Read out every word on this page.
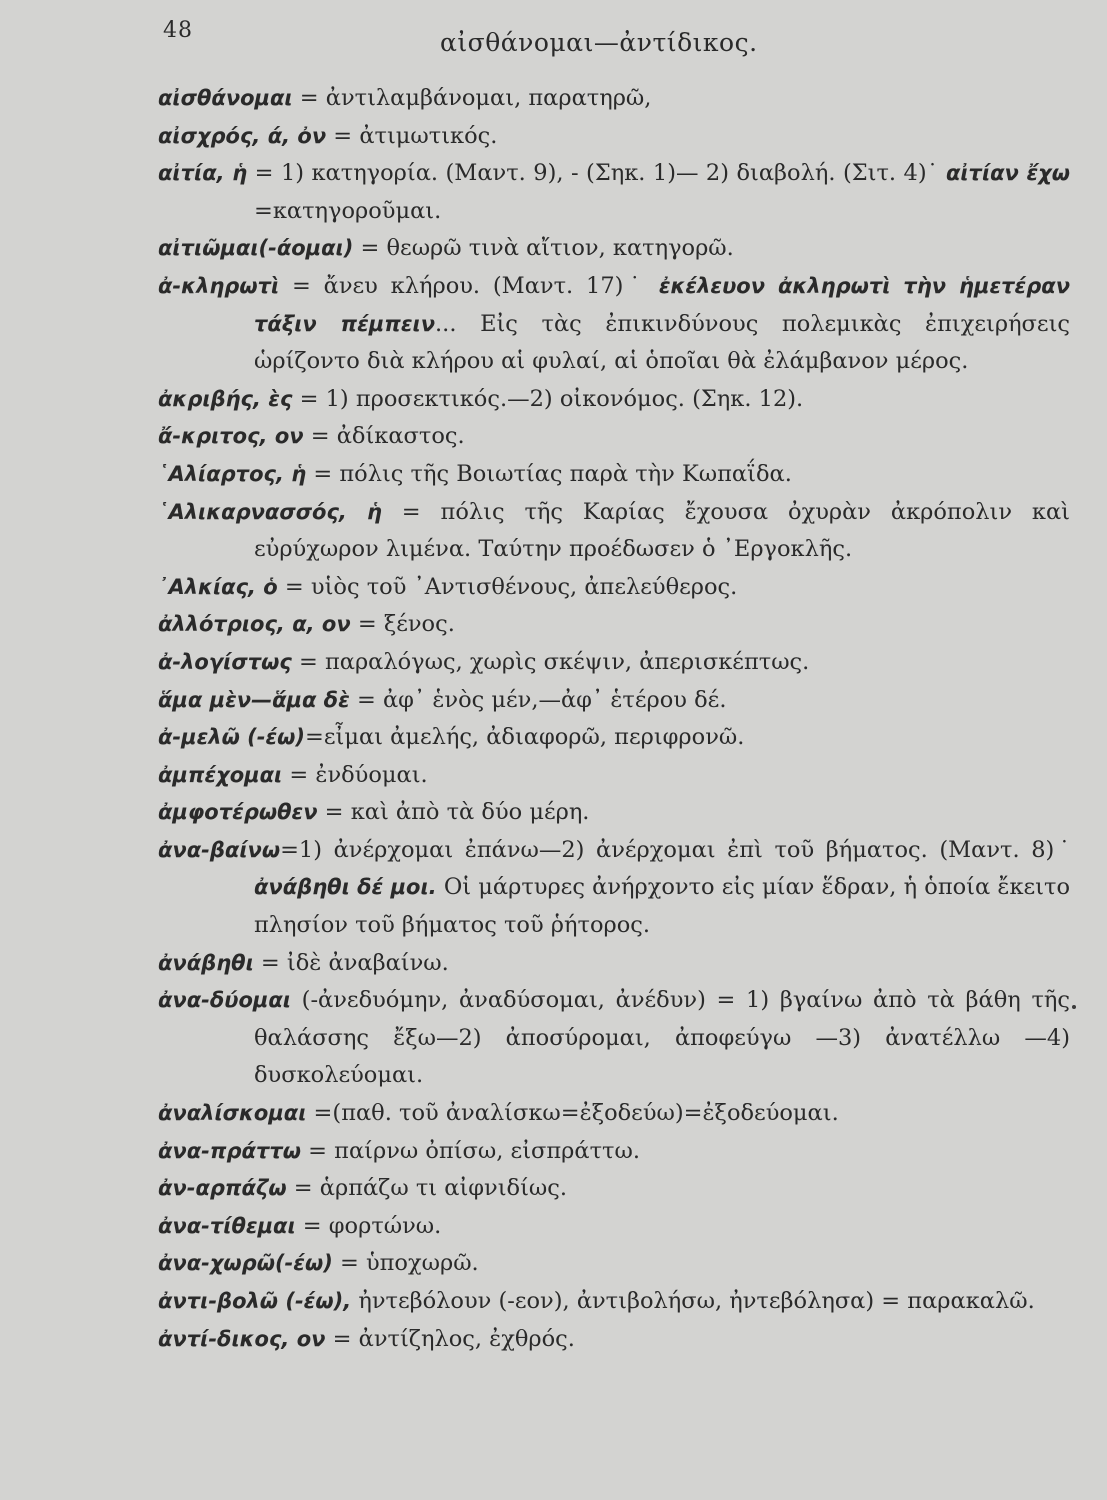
48	αἰσθάνομαι—ἀντίδικος.
αἰσθάνομαι = ἀντιλαμβάνομαι, παρατηρῶ,
αἰσχρός, ά, ὀν = ἀτιμωτικός.
αἰτία, ἡ = 1) κατηγορία. (Μαντ. 9), - (Σηκ. 1)— 2) διαβολή. (Σιτ. 4)˙ αἰτίαν ἔχω =κατηγοροῦμαι.
αἰτιῶμαι(-άομαι) = θεωρῶ τινὰ αἴτιον, κατηγορῶ.
ἀ-κληρωτὶ = ἄνευ κλήρου. (Μαντ. 17)˙ ἐκέλευον ἀκληρωτὶ τὴν ἡμετέραν τάξιν πέμπειν... Εἰς τὰς ἐπικινδύνους πολεμικὰς ἐπιχειρήσεις ὡρίζοντο διὰ κλήρου αἱ φυλαί, αἱ ὁποῖαι θὰ ἐλάμβανον μέρος.
ἀκριβής, ὲς = 1) προσεκτικός.—2) οἰκονόμος. (Σηκ. 12).
ἄ-κριτος, ον = ἀδίκαστος.
῾Αλίαρτος, ἡ = πόλις τῆς Βοιωτίας παρὰ τὴν Κωπαΐδα.
῾Αλικαρνασσός, ἡ = πόλις τῆς Καρίας ἔχουσα ὀχυρὰν ἀκρόπολιν καὶ εὐρύχωρον λιμένα. Ταύτην προέδωσεν ὁ ᾿Εργοκλῆς.
᾿Αλκίας, ὁ = υἱὸς τοῦ ᾿Αντισθένους, ἀπελεύθερος.
ἀλλότριος, α, ον = ξένος.
ἀ-λογίστως = παραλόγως, χωρὶς σκέψιν, ἀπερισκέπτως.
ἅμα μὲν—ἅμα δὲ = ἀφ᾿ ἑνὸς μέν,—ἀφ᾿ ἑτέρου δέ.
ἀ-μελῶ (-έω)=εἶμαι ἀμελής, ἀδιαφορῶ, περιφρονῶ.
ἀμπέχομαι = ἐνδύομαι.
ἀμφοτέρωθεν = καὶ ἀπὸ τὰ δύο μέρη.
ἀνα-βαίνω=1) ἀνέρχομαι ἐπάνω—2) ἀνέρχομαι ἐπὶ τοῦ βήματος. (Μαντ. 8)˙ ἀνάβηθι δέ μοι. Οἱ μάρτυρες ἀνήρχοντο εἰς μίαν ἕδραν, ἡ ὁποία ἔκειτο πλησίον τοῦ βήματος τοῦ ῥήτορος.
ἀνάβηθι = ἰδὲ ἀναβαίνω.
ἀνα-δύομαι (-ἀνεδυόμην, ἀναδύσομαι, ἀνέδυν) = 1) βγαίνω ἀπὸ τὰ βάθη τῆς θαλάσσης ἔξω—2) ἀποσύρομαι, ἀποφεύγω —3) ἀνατέλλω —4) δυσκολεύομαι.
ἀναλίσκομαι =(παθ. τοῦ ἀναλίσκω=ἐξοδεύω)=ἐξοδεύομαι.
ἀνα-πράττω = παίρνω ὀπίσω, εἰσπράττω.
ἀν-αρπάζω = ἁρπάζω τι αἰφνιδίως.
ἀνα-τίθεμαι = φορτώνω.
ἀνα-χωρῶ(-έω) = ὑποχωρῶ.
ἀντι-βολῶ (-έω), ἠντεβόλουν (-εον), ἀντιβολήσω, ἠντεβόλησα) = παρακαλῶ.
ἀντί-δικος, ον = ἀντίζηλος, ἐχθρός.
